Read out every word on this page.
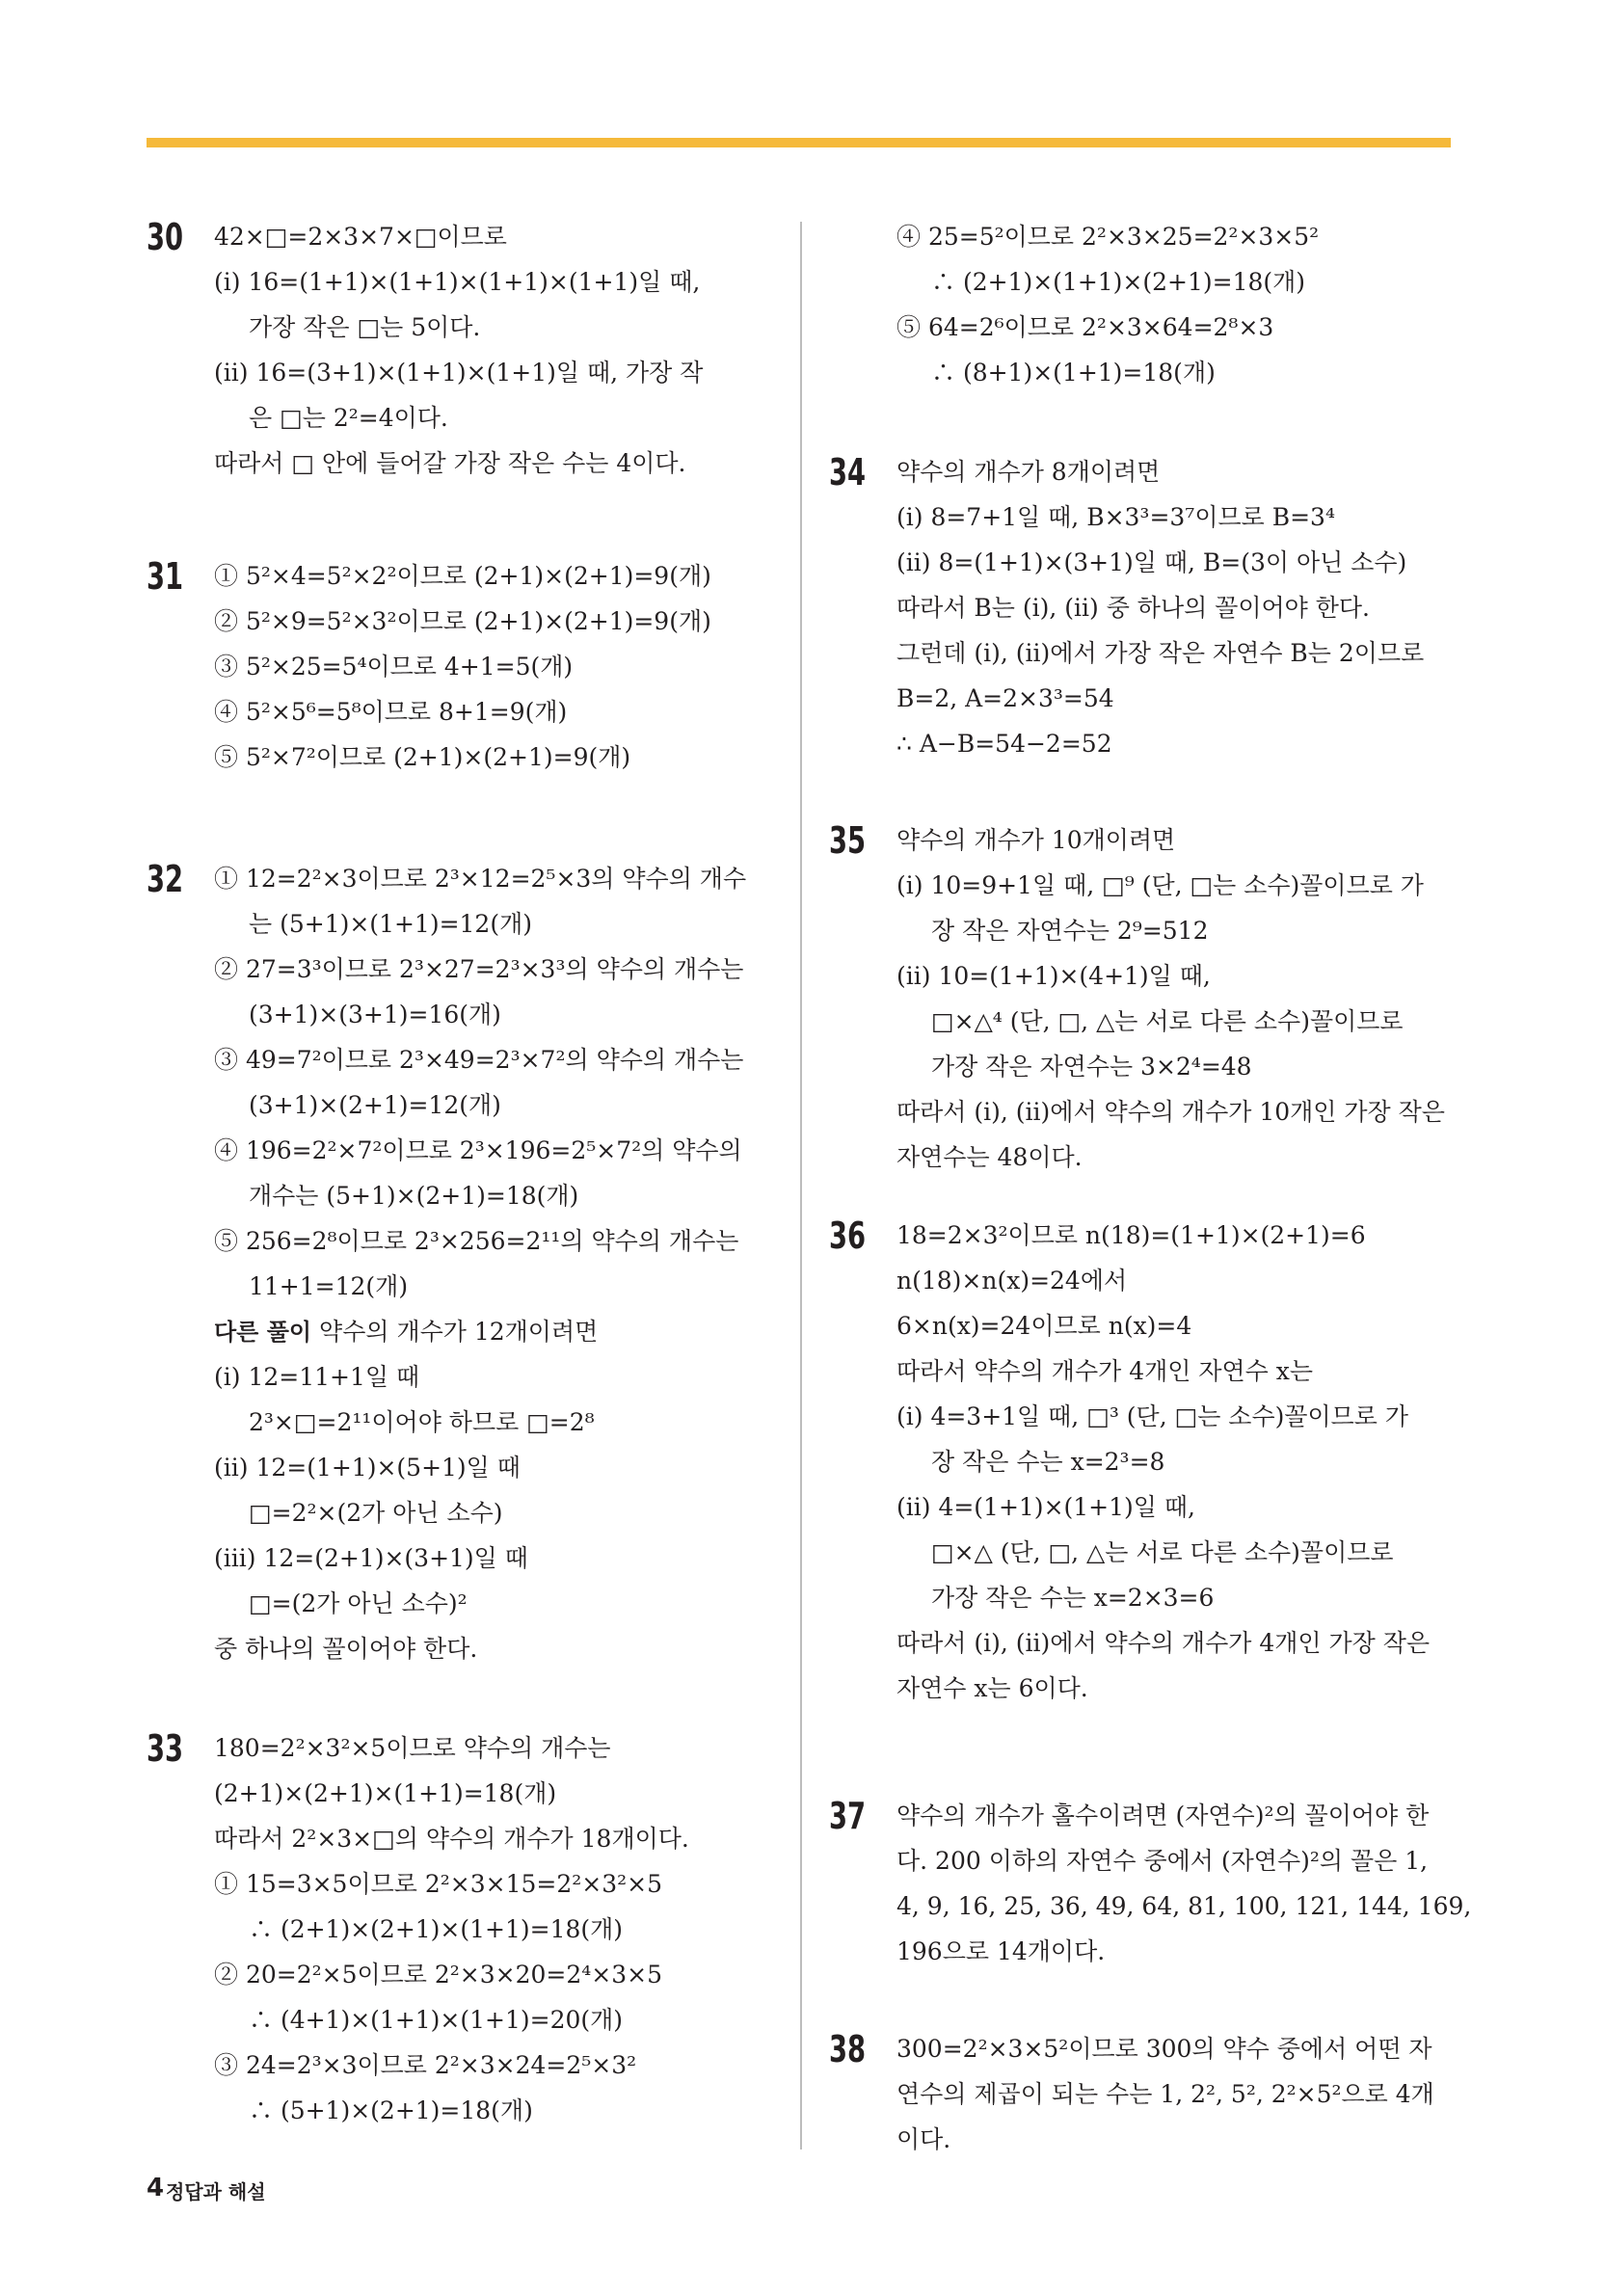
30 42×□=2×3×7×□이므로
(i) 16=(1+1)×(1+1)×(1+1)×(1+1)일 때,
가장 작은 □는 5이다.
(ii) 16=(3+1)×(1+1)×(1+1)일 때, 가장 작
은 □는 2²=4이다.
따라서 □ 안에 들어갈 가장 작은 수는 4이다.
31 ① 5²×4=5²×2²이므로 (2+1)×(2+1)=9(개)
② 5²×9=5²×3²이므로 (2+1)×(2+1)=9(개)
③ 5²×25=5⁴이므로 4+1=5(개)
④ 5²×5⁶=5⁸이므로 8+1=9(개)
⑤ 5²×7²이므로 (2+1)×(2+1)=9(개)
32 ① 12=2²×3이므로 2³×12=2⁵×3의 약수의 개수
는 (5+1)×(1+1)=12(개)
② 27=3³이므로 2³×27=2³×3³의 약수의 개수는
(3+1)×(3+1)=16(개)
③ 49=7²이므로 2³×49=2³×7²의 약수의 개수는
(3+1)×(2+1)=12(개)
④ 196=2²×7²이므로 2³×196=2⁵×7²의 약수의
개수는 (5+1)×(2+1)=18(개)
⑤ 256=2⁸이므로 2³×256=2¹¹의 약수의 개수는
11+1=12(개)
다른 풀이 약수의 개수가 12개이려면
(i) 12=11+1일 때
2³×□=2¹¹이어야 하므로 □=2⁸
(ii) 12=(1+1)×(5+1)일 때
□=2²×(2가 아닌 소수)
(iii) 12=(2+1)×(3+1)일 때
□=(2가 아닌 소수)²
중 하나의 꼴이어야 한다.
33 180=2²×3²×5이므로 약수의 개수는
(2+1)×(2+1)×(1+1)=18(개)
따라서 2²×3×□의 약수의 개수가 18개이다.
① 15=3×5이므로 2²×3×15=2²×3²×5
∴ (2+1)×(2+1)×(1+1)=18(개)
② 20=2²×5이므로 2²×3×20=2⁴×3×5
∴ (4+1)×(1+1)×(1+1)=20(개)
③ 24=2³×3이므로 2²×3×24=2⁵×3²
∴ (5+1)×(2+1)=18(개)
④ 25=5²이므로 2²×3×25=2²×3×5²
∴ (2+1)×(1+1)×(2+1)=18(개)
⑤ 64=2⁶이므로 2²×3×64=2⁸×3
∴ (8+1)×(1+1)=18(개)
34 약수의 개수가 8개이려면
(i) 8=7+1일 때, B×3³=3⁷이므로 B=3⁴
(ii) 8=(1+1)×(3+1)일 때, B=(3이 아닌 소수)
따라서 B는 (i), (ii) 중 하나의 꼴이어야 한다.
그런데 (i), (ii)에서 가장 작은 자연수 B는 2이므로
B=2, A=2×3³=54
∴ A−B=54−2=52
35 약수의 개수가 10개이려면
(i) 10=9+1일 때, □⁹ (단, □는 소수)꼴이므로 가
장 작은 자연수는 2⁹=512
(ii) 10=(1+1)×(4+1)일 때,
□×△⁴ (단, □, △는 서로 다른 소수)꼴이므로
가장 작은 자연수는 3×2⁴=48
따라서 (i), (ii)에서 약수의 개수가 10개인 가장 작은
자연수는 48이다.
36 18=2×3²이므로 n(18)=(1+1)×(2+1)=6
n(18)×n(x)=24에서
6×n(x)=24이므로 n(x)=4
따라서 약수의 개수가 4개인 자연수 x는
(i) 4=3+1일 때, □³ (단, □는 소수)꼴이므로 가
장 작은 수는 x=2³=8
(ii) 4=(1+1)×(1+1)일 때,
□×△ (단, □, △는 서로 다른 소수)꼴이므로
가장 작은 수는 x=2×3=6
따라서 (i), (ii)에서 약수의 개수가 4개인 가장 작은
자연수 x는 6이다.
37 약수의 개수가 홀수이려면 (자연수)²의 꼴이어야 한
다. 200 이하의 자연수 중에서 (자연수)²의 꼴은 1,
4, 9, 16, 25, 36, 49, 64, 81, 100, 121, 144, 169,
196으로 14개이다.
38 300=2²×3×5²이므로 300의 약수 중에서 어떤 자
연수의 제곱이 되는 수는 1, 2², 5², 2²×5²으로 4개
이다.
4 정답과 해설
